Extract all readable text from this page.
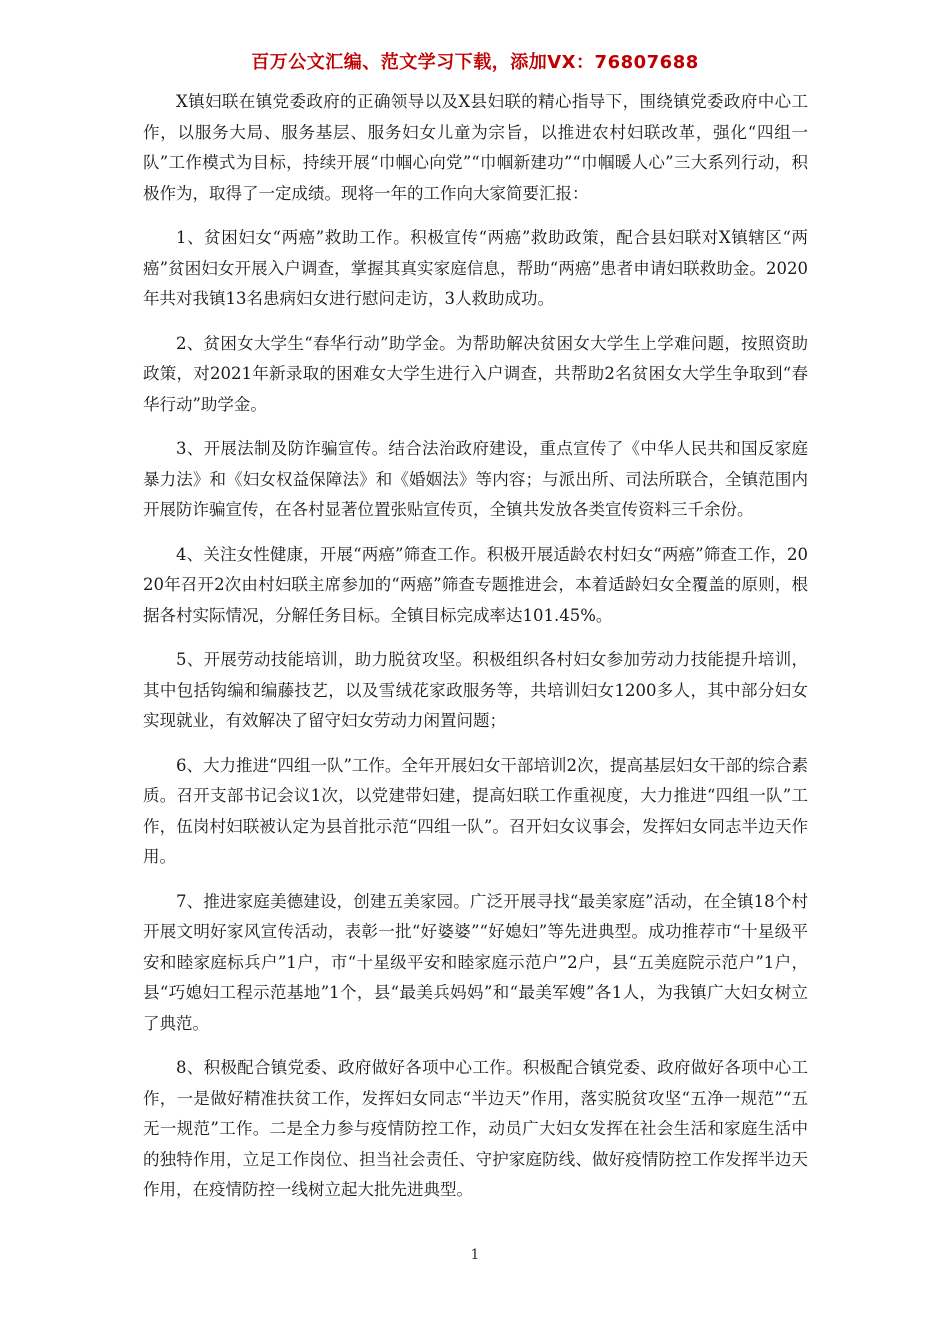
百万公文汇编、范文学习下载，添加VX：76807688

X镇妇联在镇党委政府的正确领导以及X县妇联的精心指导下，围绕镇党委政府中心工作，以服务大局、服务基层、服务妇女儿童为宗旨，以推进农村妇联改革，强化“四组一队”工作模式为目标，持续开展“巾帼心向党”“巾帼新建功”“巾帼暖人心”三大系列行动，积极作为，取得了一定成绩。现将一年的工作向大家简要汇报：

1、贫困妇女“两癌”救助工作。积极宣传“两癌”救助政策，配合县妇联对X镇辖区“两癌”贫困妇女开展入户调查，掌握其真实家庭信息，帮助“两癌”患者申请妇联救助金。2020年共对我镇13名患病妇女进行慰问走访，3人救助成功。

2、贫困女大学生“春华行动”助学金。为帮助解决贫困女大学生上学难问题，按照资助政策，对2021年新录取的困难女大学生进行入户调查，共帮助2名贫困女大学生争取到“春华行动”助学金。

3、开展法制及防诈骗宣传。结合法治政府建设，重点宣传了《中华人民共和国反家庭暴力法》和《妇女权益保障法》和《婚姻法》等内容；与派出所、司法所联合，全镇范围内开展防诈骗宣传，在各村显著位置张贴宣传页，全镇共发放各类宣传资料三千余份。

4、关注女性健康，开展“两癌”筛查工作。积极开展适龄农村妇女“两癌”筛查工作，2020年召开2次由村妇联主席参加的“两癌”筛查专题推进会，本着适龄妇女全覆盖的原则，根据各村实际情况，分解任务目标。全镇目标完成率达101.45%。

5、开展劳动技能培训，助力脱贫攻坚。积极组织各村妇女参加劳动力技能提升培训，其中包括钩编和编藤技艺，以及雪绒花家政服务等，共培训妇女1200多人，其中部分妇女实现就业，有效解决了留守妇女劳动力闲置问题；

6、大力推进“四组一队”工作。全年开展妇女干部培训2次，提高基层妇女干部的综合素质。召开支部书记会议1次，以党建带妇建，提高妇联工作重视度，大力推进“四组一队”工作，伍岗村妇联被认定为县首批示范“四组一队”。召开妇女议事会，发挥妇女同志半边天作用。

7、推进家庭美德建设，创建五美家园。广泛开展寻找“最美家庭”活动，在全镇18个村开展文明好家风宣传活动，表彰一批“好婆婆”“好媳妇”等先进典型。成功推荐市“十星级平安和睦家庭标兵户”1户，市“十星级平安和睦家庭示范户”2户，县“五美庭院示范户”1户，县“巧媳妇工程示范基地”1个，县“最美兵妈妈”和“最美军嫂”各1人，为我镇广大妇女树立了典范。

8、积极配合镇党委、政府做好各项中心工作。积极配合镇党委、政府做好各项中心工作，一是做好精准扶贫工作，发挥妇女同志“半边天”作用，落实脱贫攻坚“五净一规范”“五无一规范”工作。二是全力参与疫情防控工作，动员广大妇女发挥在社会生活和家庭生活中的独特作用，立足工作岗位、担当社会责任、守护家庭防线、做好疫情防控工作发挥半边天作用，在疫情防控一线树立起大批先进典型。

1
